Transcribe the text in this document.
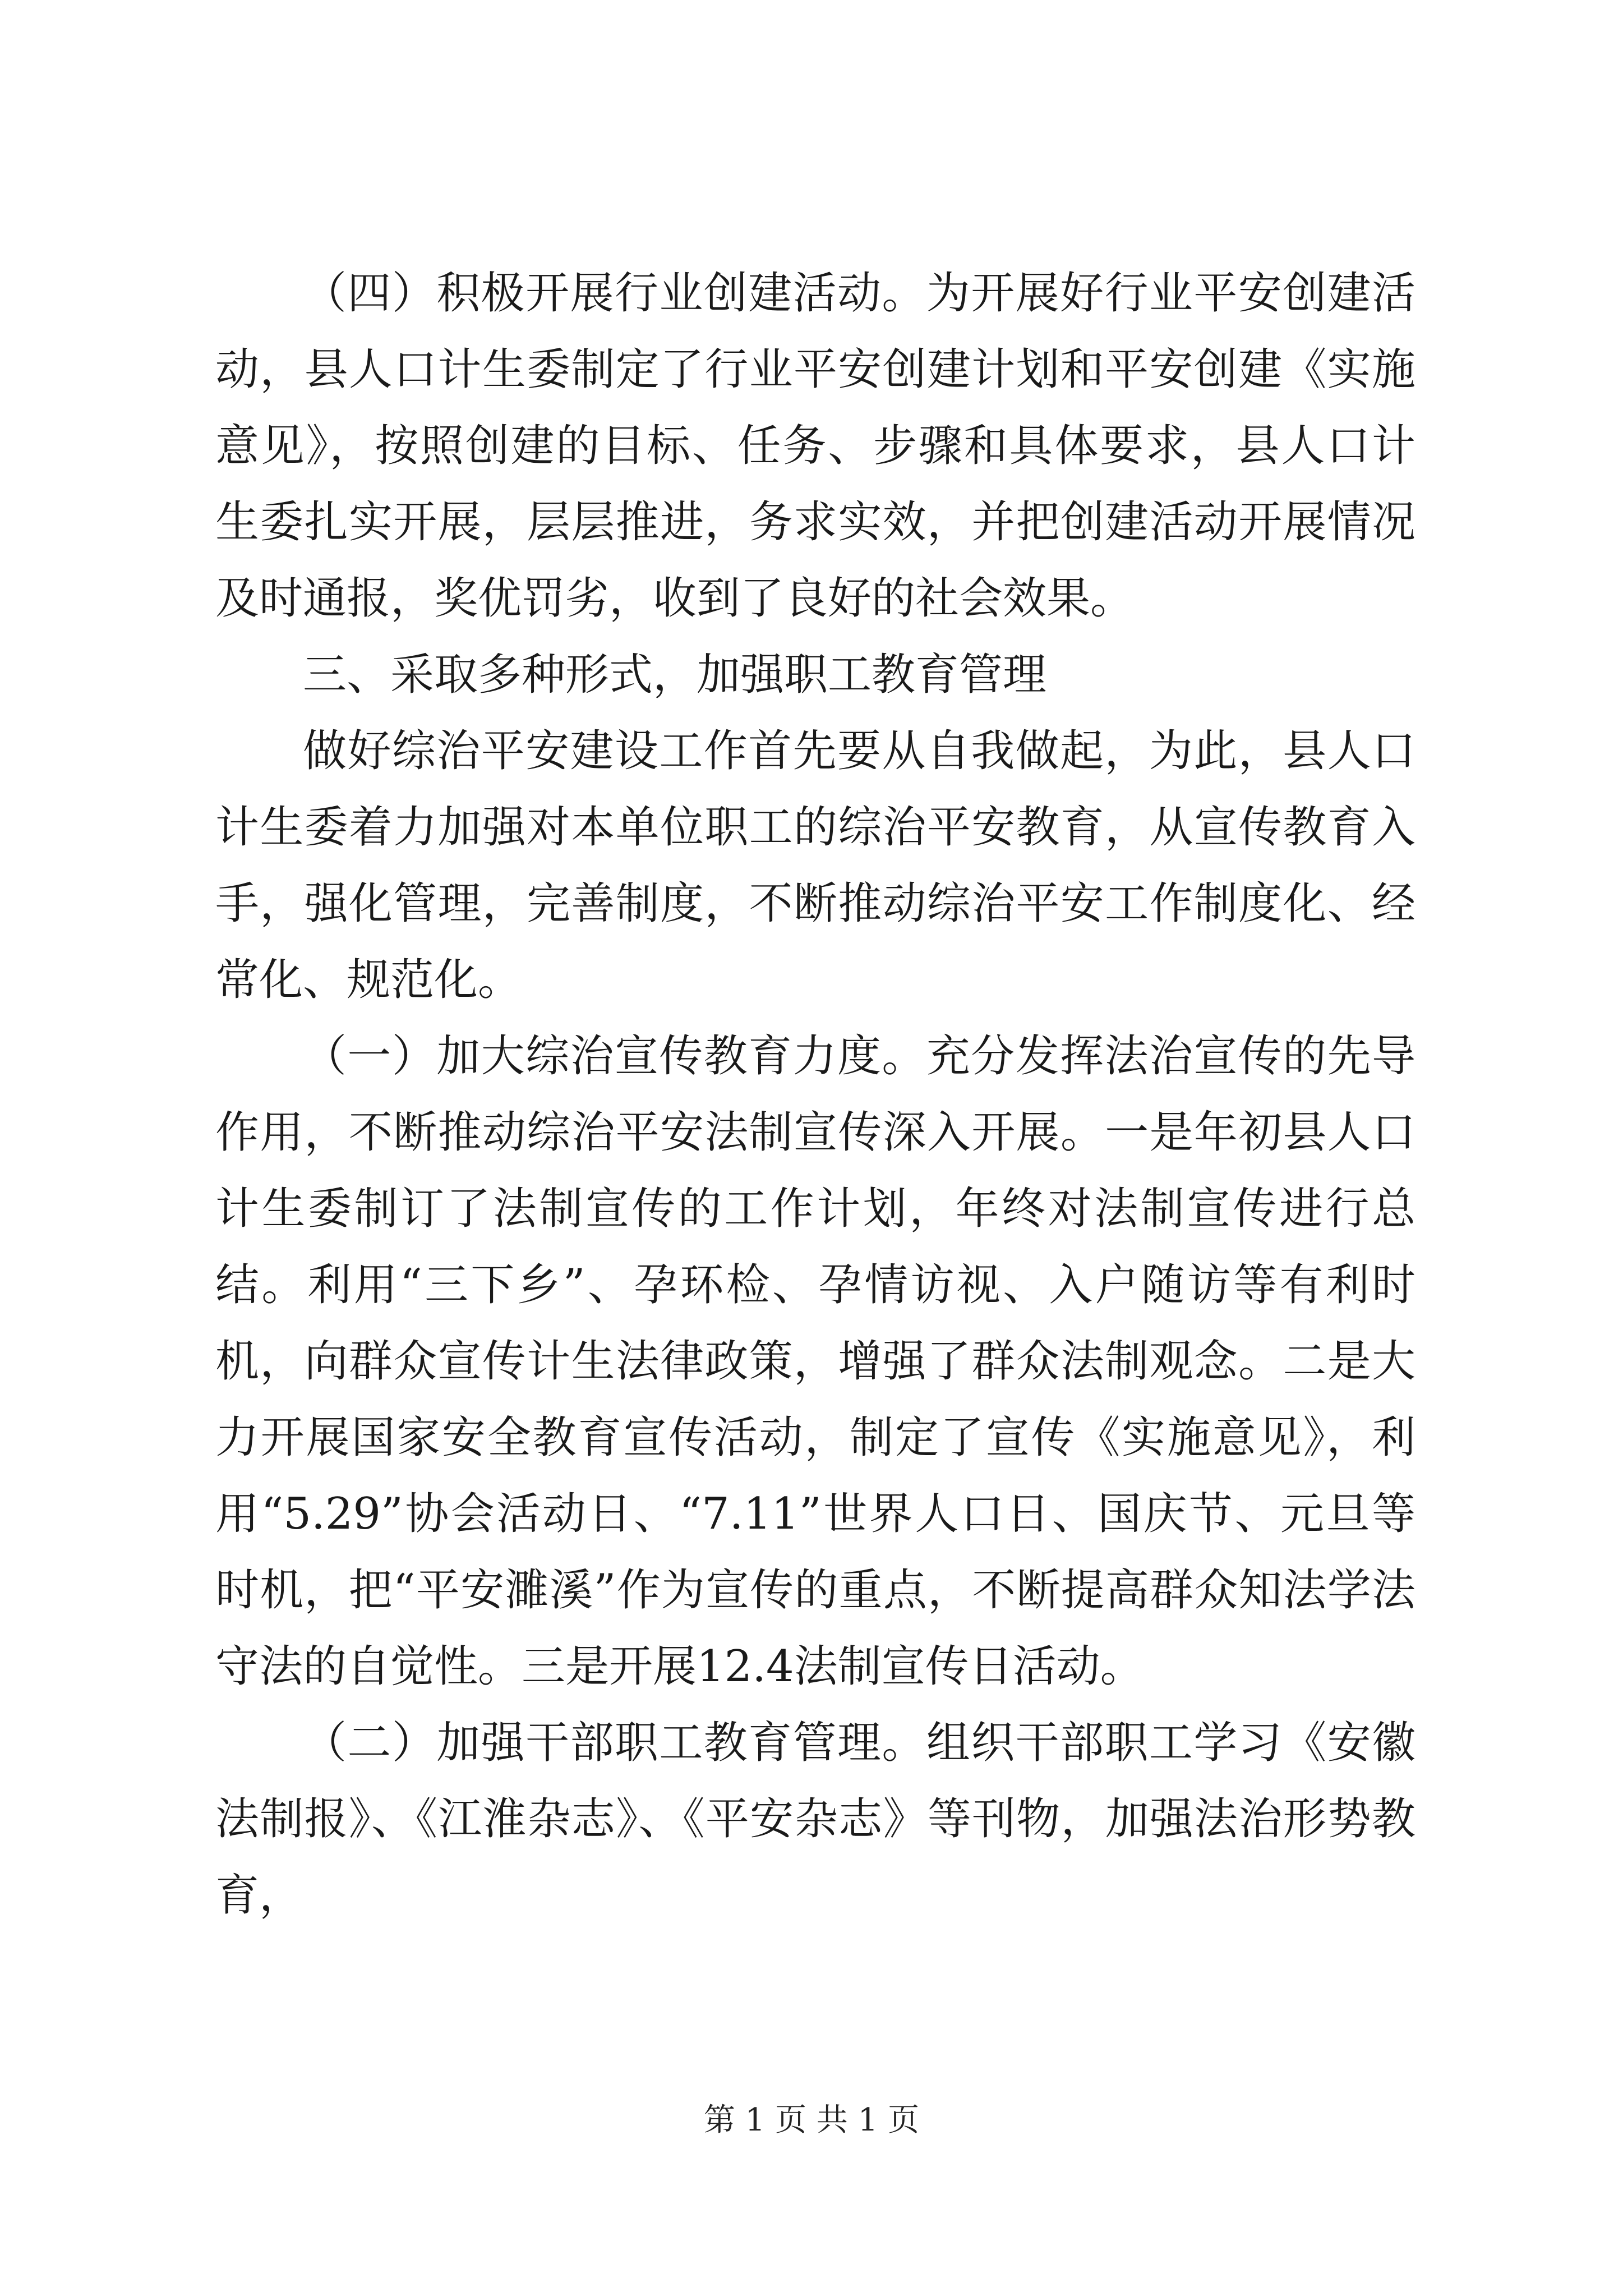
（四）积极开展行业创建活动。为开展好行业平安创建活动，县人口计生委制定了行业平安创建计划和平安创建《实施意见》，按照创建的目标、任务、步骤和具体要求，县人口计生委扎实开展，层层推进，务求实效，并把创建活动开展情况及时通报，奖优罚劣，收到了良好的社会效果。

三、采取多种形式，加强职工教育管理

做好综治平安建设工作首先要从自我做起，为此，县人口计生委着力加强对本单位职工的综治平安教育，从宣传教育入手，强化管理，完善制度，不断推动综治平安工作制度化、经常化、规范化。

（一）加大综治宣传教育力度。充分发挥法治宣传的先导作用，不断推动综治平安法制宣传深入开展。一是年初县人口计生委制订了法制宣传的工作计划，年终对法制宣传进行总结。利用“三下乡”、孕环检、孕情访视、入户随访等有利时机，向群众宣传计生法律政策，增强了群众法制观念。二是大力开展国家安全教育宣传活动，制定了宣传《实施意见》，利用“5.29”协会活动日、“7.11”世界人口日、国庆节、元旦等时机，把“平安濉溪”作为宣传的重点，不断提高群众知法学法守法的自觉性。三是开展12.4法制宣传日活动。

（二）加强干部职工教育管理。组织干部职工学习《安徽法制报》、《江淮杂志》、《平安杂志》等刊物，加强法治形势教育，

第 1 页 共 1 页
